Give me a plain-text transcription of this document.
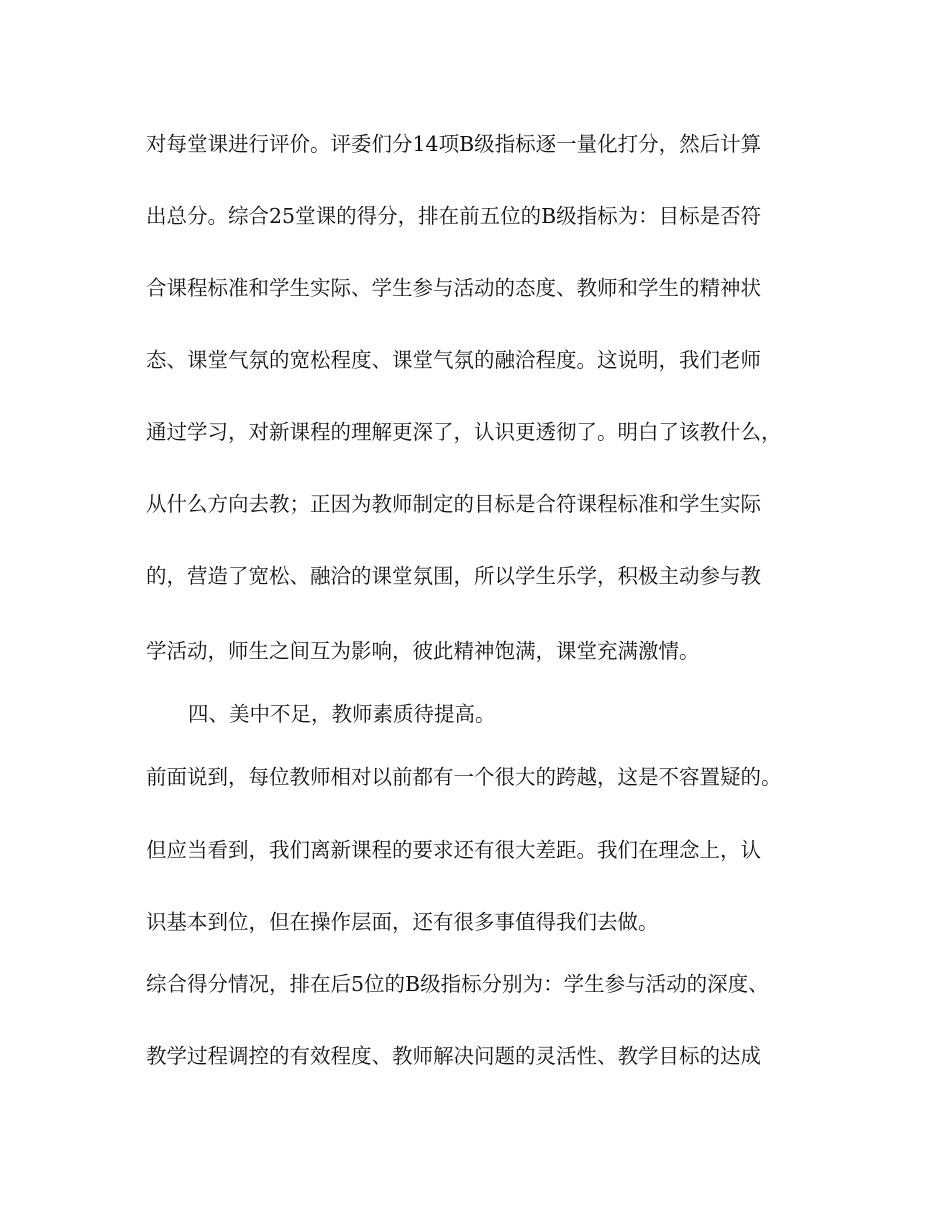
对每堂课进行评价。评委们分14项B级指标逐一量化打分，然后计算

出总分。综合25堂课的得分，排在前五位的B级指标为：目标是否符

合课程标准和学生实际、学生参与活动的态度、教师和学生的精神状

态、课堂气氛的宽松程度、课堂气氛的融洽程度。这说明，我们老师

通过学习，对新课程的理解更深了，认识更透彻了。明白了该教什么，

从什么方向去教；正因为教师制定的目标是合符课程标准和学生实际

的，营造了宽松、融洽的课堂氛围，所以学生乐学，积极主动参与教

学活动，师生之间互为影响，彼此精神饱满，课堂充满激情。

四、美中不足，教师素质待提高。

前面说到，每位教师相对以前都有一个很大的跨越，这是不容置疑的。

但应当看到，我们离新课程的要求还有很大差距。我们在理念上，认

识基本到位，但在操作层面，还有很多事值得我们去做。

综合得分情况，排在后5位的B级指标分别为：学生参与活动的深度、

教学过程调控的有效程度、教师解决问题的灵活性、教学目标的达成
